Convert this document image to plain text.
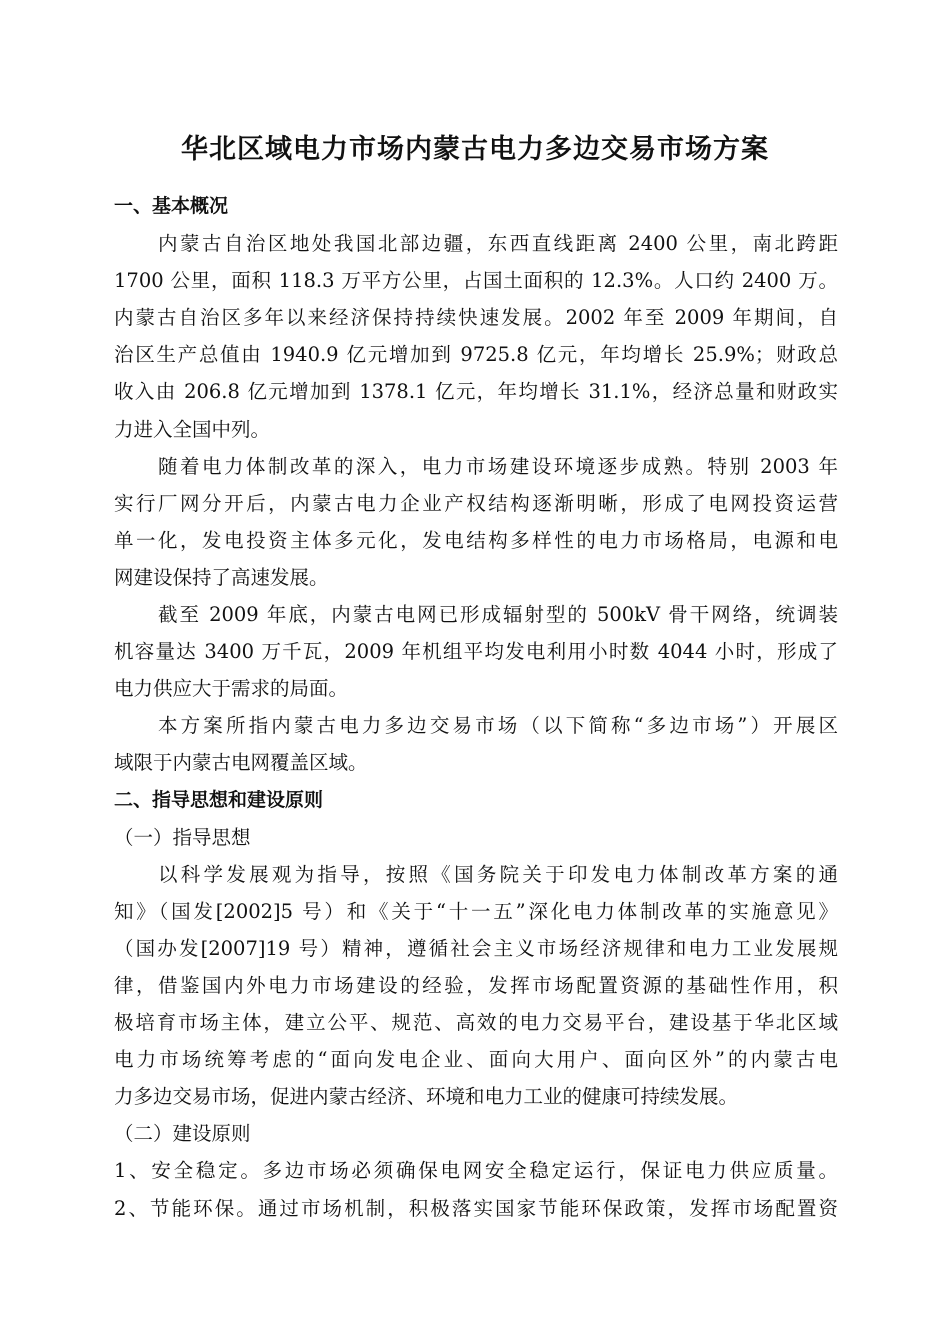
华北区域电力市场内蒙古电力多边交易市场方案
一、基本概况
内蒙古自治区地处我国北部边疆，东西直线距离 2400 公里，南北跨距
1700 公里，面积 118.3 万平方公里，占国土面积的 12.3%。人口约 2400 万。
内蒙古自治区多年以来经济保持持续快速发展。2002 年至 2009 年期间，自
治区生产总值由 1940.9 亿元增加到 9725.8 亿元，年均增长 25.9%；财政总
收入由 206.8 亿元增加到 1378.1 亿元，年均增长 31.1%，经济总量和财政实
力进入全国中列。
随着电力体制改革的深入，电力市场建设环境逐步成熟。特别 2003 年
实行厂网分开后，内蒙古电力企业产权结构逐渐明晰，形成了电网投资运营
单一化，发电投资主体多元化，发电结构多样性的电力市场格局，电源和电
网建设保持了高速发展。
截至 2009 年底，内蒙古电网已形成辐射型的 500kV 骨干网络，统调装
机容量达 3400 万千瓦，2009 年机组平均发电利用小时数 4044 小时，形成了
电力供应大于需求的局面。
本方案所指内蒙古电力多边交易市场（以下简称“多边市场”）开展区
域限于内蒙古电网覆盖区域。
二、指导思想和建设原则
（一）指导思想
以科学发展观为指导，按照《国务院关于印发电力体制改革方案的通
知》（国发[2002]5 号）和《关于“十一五”深化电力体制改革的实施意见》
（国办发[2007]19 号）精神，遵循社会主义市场经济规律和电力工业发展规
律，借鉴国内外电力市场建设的经验，发挥市场配置资源的基础性作用，积
极培育市场主体，建立公平、规范、高效的电力交易平台，建设基于华北区域
电力市场统筹考虑的“面向发电企业、面向大用户、面向区外”的内蒙古电
力多边交易市场，促进内蒙古经济、环境和电力工业的健康可持续发展。
（二）建设原则
1、安全稳定。多边市场必须确保电网安全稳定运行，保证电力供应质量。
2、节能环保。通过市场机制，积极落实国家节能环保政策，发挥市场配置资
